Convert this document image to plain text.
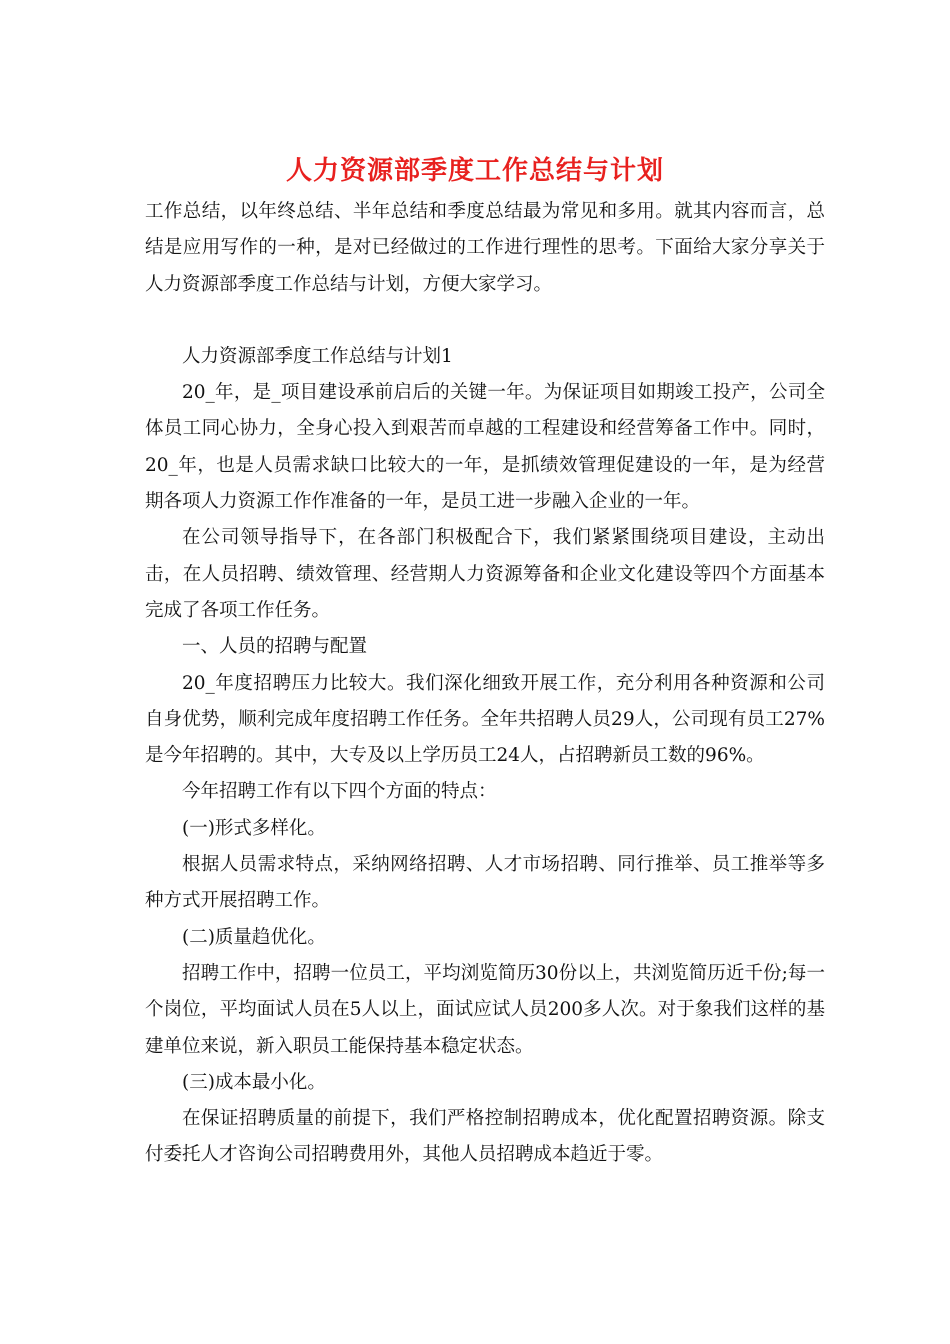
人力资源部季度工作总结与计划

工作总结，以年终总结、半年总结和季度总结最为常见和多用。就其内容而言，总结是应用写作的一种，是对已经做过的工作进行理性的思考。下面给大家分享关于人力资源部季度工作总结与计划，方便大家学习。

人力资源部季度工作总结与计划1

20_年，是_项目建设承前启后的关键一年。为保证项目如期竣工投产，公司全体员工同心协力，全身心投入到艰苦而卓越的工程建设和经营筹备工作中。同时，20_年，也是人员需求缺口比较大的一年，是抓绩效管理促建设的一年，是为经营期各项人力资源工作作准备的一年，是员工进一步融入企业的一年。

在公司领导指导下，在各部门积极配合下，我们紧紧围绕项目建设，主动出击，在人员招聘、绩效管理、经营期人力资源筹备和企业文化建设等四个方面基本完成了各项工作任务。

一、人员的招聘与配置

20_年度招聘压力比较大。我们深化细致开展工作，充分利用各种资源和公司自身优势，顺利完成年度招聘工作任务。全年共招聘人员29人，公司现有员工27%是今年招聘的。其中，大专及以上学历员工24人，占招聘新员工数的96%。

今年招聘工作有以下四个方面的特点：

(一)形式多样化。

根据人员需求特点，采纳网络招聘、人才市场招聘、同行推举、员工推举等多种方式开展招聘工作。

(二)质量趋优化。

招聘工作中，招聘一位员工，平均浏览简历30份以上，共浏览简历近千份;每一个岗位，平均面试人员在5人以上，面试应试人员200多人次。对于象我们这样的基建单位来说，新入职员工能保持基本稳定状态。

(三)成本最小化。

在保证招聘质量的前提下，我们严格控制招聘成本，优化配置招聘资源。除支付委托人才咨询公司招聘费用外，其他人员招聘成本趋近于零。
